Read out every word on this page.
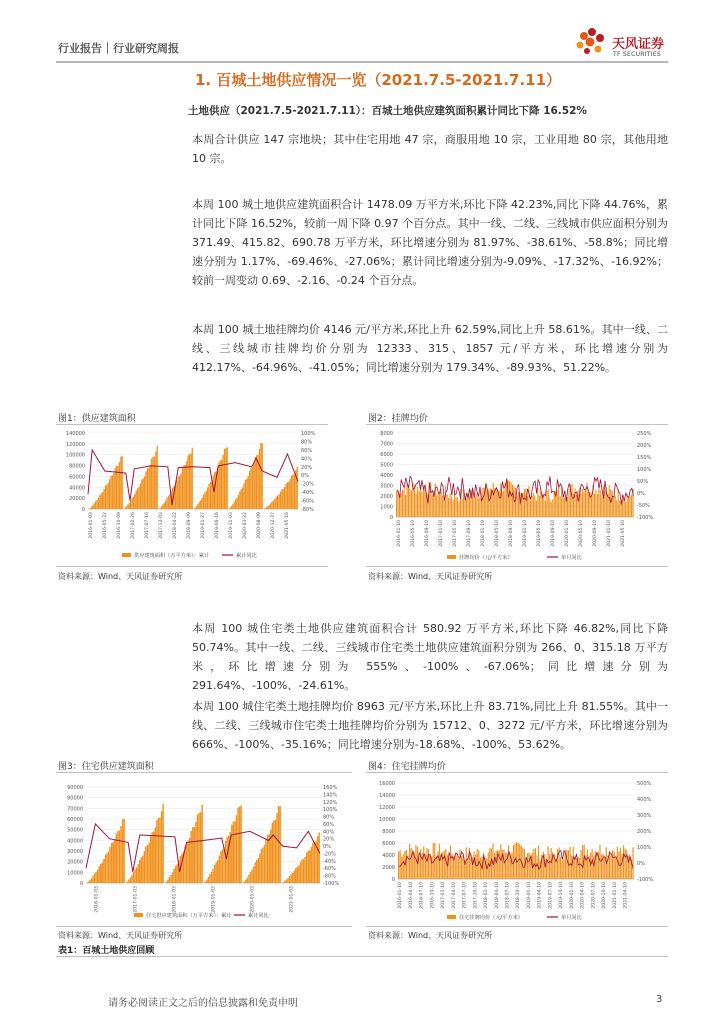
行业报告｜行业研究周报	天风证券
TF SECURITIES
1. 百城土地供应情况一览（2021.7.5-2021.7.11）
土地供应（2021.7.5-2021.7.11）：百城土地供应建筑面积累计同比下降 16.52%
本周合计供应 147 宗地块；其中住宅用地 47 宗，商服用地 10 宗，工业用地 80 宗，其他用地 10 宗。
本周 100 城土地供应建筑面积合计 1478.09 万平方米,环比下降 42.23%,同比下降 44.76%，累计同比下降 16.52%，较前一周下降 0.97 个百分点。其中一线、二线、三线城市供应面积分别为 371.49、415.82、690.78 万平方米，环比增速分别为 81.97%、-38.61%、-58.8%；同比增速分别为 1.17%、-69.46%、-27.06%；累计同比增速分别为-9.09%、-17.32%、-16.92%；较前一周变动 0.69、-2.16、-0.24 个百分点。
本周 100 城土地挂牌均价 4146 元/平方米,环比上升 62.59%,同比上升 58.61%。其中一线、二线、三线城市挂牌均价分别为 12333、315、1857 元/平方米，环比增速分别为 412.17%、-64.96%、-41.05%；同比增速分别为 179.34%、-89.93%、51.22%。
图1：供应建筑面积	图2：挂牌均价
140000
120000
100000
80000
60000
40000
20000
0
100%
80%
60%
40%
20%
0%
-20%
-40%
-60%
-80%
2016-01-03 2016-05-22 2016-10-09 2017-02-26 2017-07-16 2017-12-03 2018-04-22 2018-09-09 2019-01-27 2019-06-16 2019-11-03 2020-03-22 2020-08-09 2020-12-27 2021-05-16
供应建筑面积（万平方米）：累计	累计同比
8000
7000
6000
5000
4000
3000
2000
1000
0
250%
200%
150%
100%
50%
0%
-50%
-100%
2016-01-10 2016-05-10 2016-09-10 2017-01-10 2017-05-10 2017-09-10 2018-01-10 2018-05-10 2018-09-10 2019-01-10 2019-05-10 2019-09-10 2020-01-10 2020-05-10 2020-09-10 2021-01-10 2021-05-10
挂牌均价（元/平方米）	单月同比
资料来源：Wind、天风证券研究所	资料来源：Wind、天风证券研究所
本周 100 城住宅类土地供应建筑面积合计 580.92 万平方米,环比下降 46.82%,同比下降 50.74%。其中一线、二线、三线城市住宅类土地供应建筑面积分别为 266、0、315.18 万平方米，环比增速分别为 555%、-100%、-67.06%；同比增速分别为 291.64%、-100%、-24.61%。
本周 100 城住宅类土地挂牌均价 8963 元/平方米,环比上升 83.71%,同比上升 81.55%。其中一线、二线、三线城市住宅类土地挂牌均价分别为 15712、0、3272 元/平方米，环比增速分别为 666%、-100%、-35.16%；同比增速分别为-18.68%、-100%、53.62%。
图3：住宅供应建筑面积	图4：住宅挂牌均价
90000
80000
70000
60000
50000
40000
30000
20000
10000
0
160%
140%
120%
100%
80%
60%
40%
20%
0%
-20%
-40%
-60%
-80%
-100%
2016-01-03	2017-01-03	2018-01-03	2019-01-03	2020-01-03	2021-01-03
住宅供应建筑面积（万平方米）：累计	累计同比
16000
14000
12000
10000
8000
6000
4000
2000
0
500%
400%
300%
200%
100%
0%
-100%
2016-01-10 2016-04-10 2016-07-10 2016-10-10 2017-01-10 2017-04-10 2017-07-10 2017-10-10 2018-01-10 2018-04-10 2018-07-10 2018-10-10 2019-01-10 2019-04-10 2019-07-10 2019-10-10 2020-01-10 2020-04-10 2020-07-10 2020-10-10 2021-01-10 2021-04-10
住宅挂牌均价（元/平方米）	单月同比
资料来源：Wind、天风证券研究所	资料来源：Wind、天风证券研究所
表1：百城土地供应回顾
请务必阅读正文之后的信息披露和免责申明	3
